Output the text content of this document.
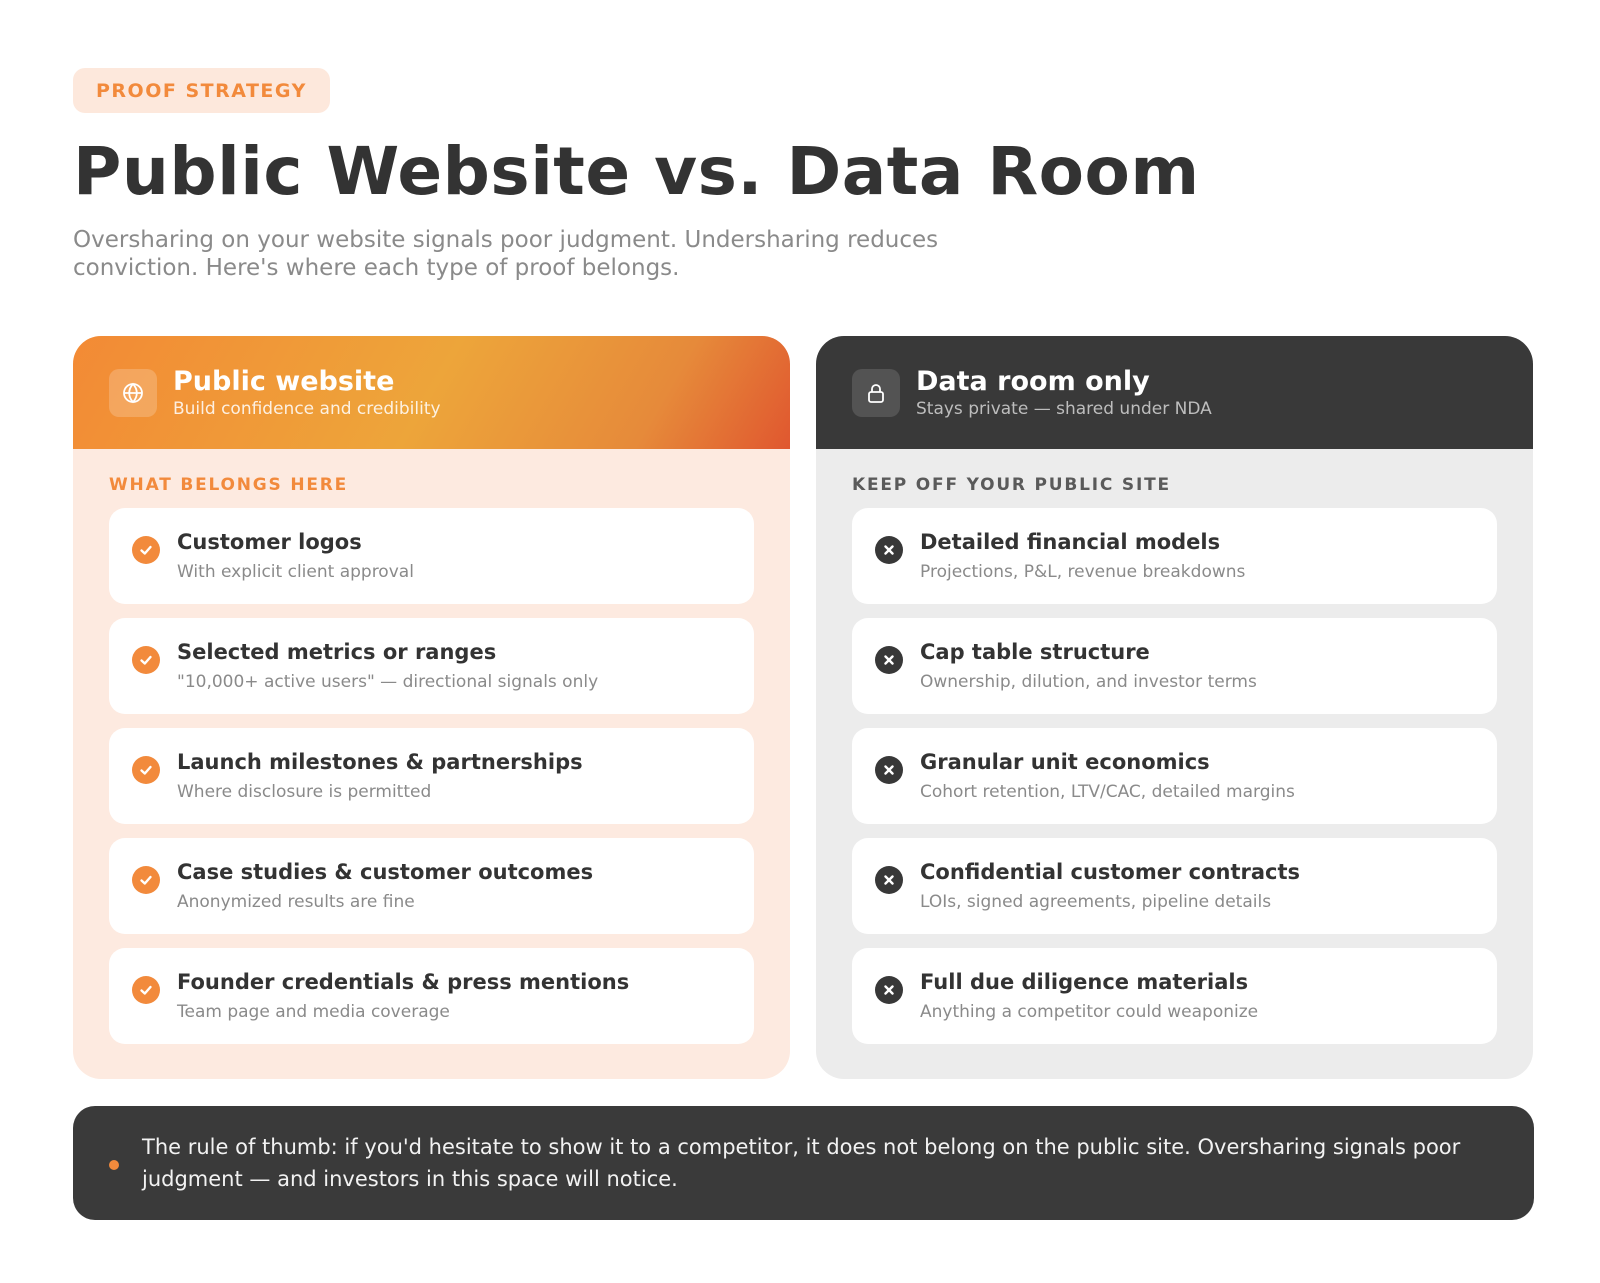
PROOF STRATEGY
Public Website vs. Data Room

Oversharing on your website signals poor judgment. Undersharing reduces conviction. Here's where each type of proof belongs.

Public website
Build confidence and credibility
WHAT BELONGS HERE
Customer logos
With explicit client approval
Selected metrics or ranges
"10,000+ active users" — directional signals only
Launch milestones & partnerships
Where disclosure is permitted
Case studies & customer outcomes
Anonymized results are fine
Founder credentials & press mentions
Team page and media coverage
Data room only
Stays private — shared under NDA
KEEP OFF YOUR PUBLIC SITE
Detailed financial models
Projections, P&L, revenue breakdowns
Cap table structure
Ownership, dilution, and investor terms
Granular unit economics
Cohort retention, LTV/CAC, detailed margins
Confidential customer contracts
LOIs, signed agreements, pipeline details
Full due diligence materials
Anything a competitor could weaponize
The rule of thumb: if you'd hesitate to show it to a competitor, it does not belong on the public site. Oversharing signals poor judgment — and investors in this space will notice.
